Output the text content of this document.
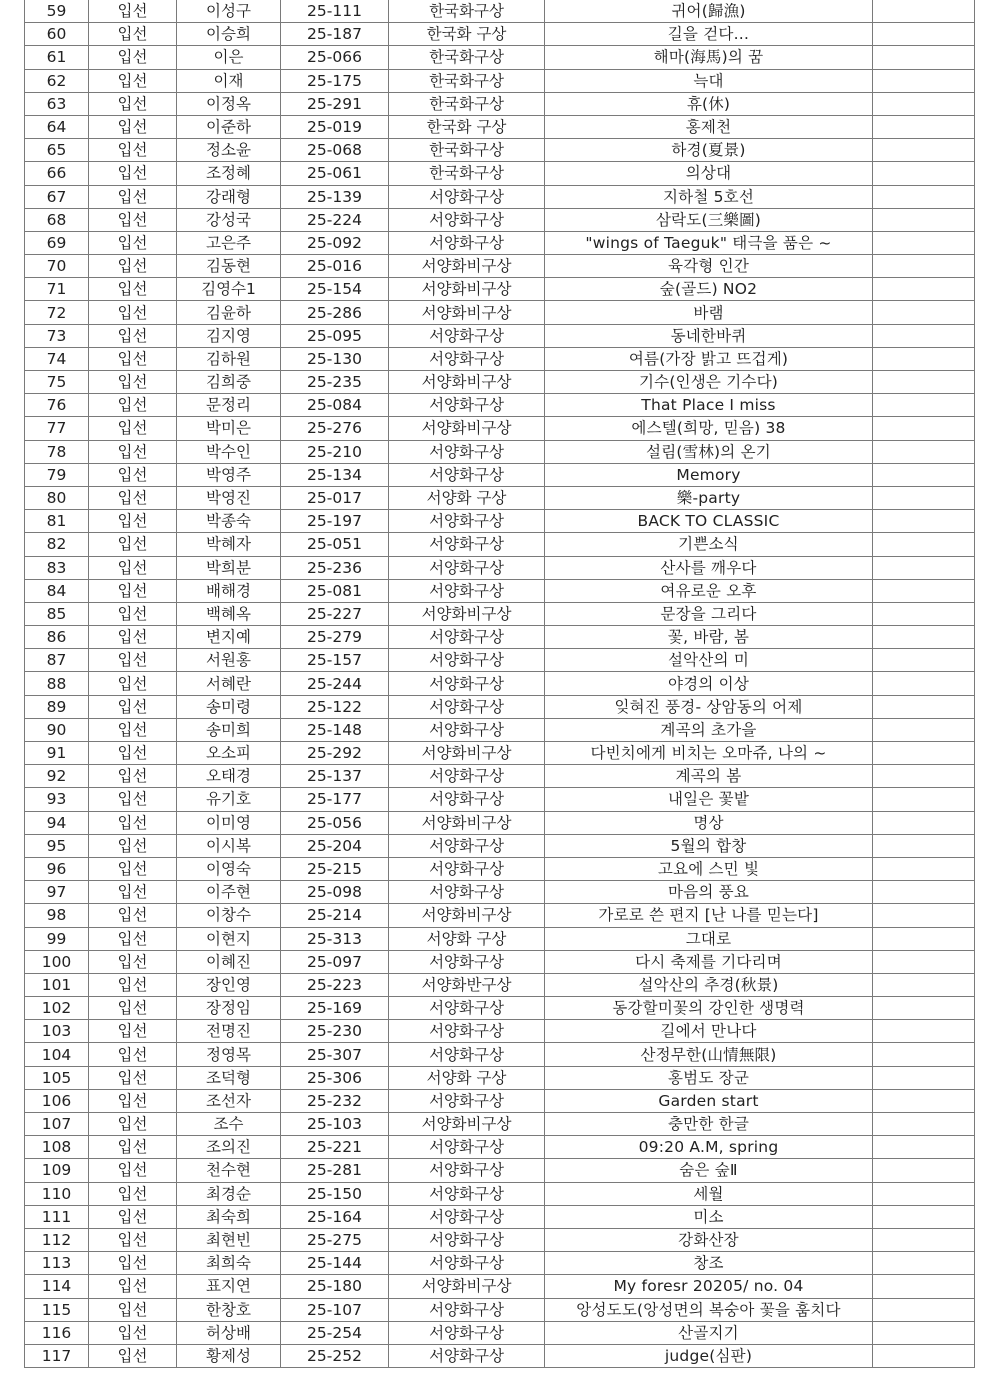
59	입선	이성구	25-111	한국화구상	귀어(歸漁)	
60	입선	이승희	25-187	한국화 구상	길을 걷다…	
61	입선	이은	25-066	한국화구상	해마(海馬)의 꿈	
62	입선	이재	25-175	한국화구상	늑대	
63	입선	이정옥	25-291	한국화구상	휴(休)	
64	입선	이준하	25-019	한국화 구상	홍제천	
65	입선	정소윤	25-068	한국화구상	하경(夏景)	
66	입선	조정혜	25-061	한국화구상	의상대	
67	입선	강래형	25-139	서양화구상	지하철 5호선	
68	입선	강성국	25-224	서양화구상	삼락도(三樂圖)	
69	입선	고은주	25-092	서양화구상	"wings of Taeguk" 태극을 품은 ~	
70	입선	김동현	25-016	서양화비구상	육각형 인간	
71	입선	김영수1	25-154	서양화비구상	숲(골드) NO2	
72	입선	김윤하	25-286	서양화비구상	바램	
73	입선	김지영	25-095	서양화구상	동네한바퀴	
74	입선	김하원	25-130	서양화구상	여름(가장 밝고 뜨겁게)	
75	입선	김희중	25-235	서양화비구상	기수(인생은 기수다)	
76	입선	문정리	25-084	서양화구상	That Place I miss	
77	입선	박미은	25-276	서양화비구상	에스텔(희망, 믿음) 38	
78	입선	박수인	25-210	서양화구상	설림(雪林)의 온기	
79	입선	박영주	25-134	서양화구상	Memory	
80	입선	박영진	25-017	서양화 구상	樂-party	
81	입선	박종숙	25-197	서양화구상	BACK TO CLASSIC	
82	입선	박혜자	25-051	서양화구상	기쁜소식	
83	입선	박희분	25-236	서양화구상	산사를 깨우다	
84	입선	배해경	25-081	서양화구상	여유로운 오후	
85	입선	백혜옥	25-227	서양화비구상	문장을 그리다	
86	입선	변지예	25-279	서양화구상	꽃, 바람, 봄	
87	입선	서원홍	25-157	서양화구상	설악산의 미	
88	입선	서혜란	25-244	서양화구상	야경의 이상	
89	입선	송미령	25-122	서양화구상	잊혀진 풍경- 상암동의 어제	
90	입선	송미희	25-148	서양화구상	계곡의 초가을	
91	입선	오소피	25-292	서양화비구상	다빈치에게 비치는 오마쥬, 나의 ~	
92	입선	오태경	25-137	서양화구상	계곡의 봄	
93	입선	유기호	25-177	서양화구상	내일은 꽃밭	
94	입선	이미영	25-056	서양화비구상	명상	
95	입선	이시복	25-204	서양화구상	5월의 합창	
96	입선	이영숙	25-215	서양화구상	고요에 스민 빛	
97	입선	이주현	25-098	서양화구상	마음의 풍요	
98	입선	이창수	25-214	서양화비구상	가로로 쓴 편지 [난 나를 믿는다]	
99	입선	이현지	25-313	서양화 구상	그대로	
100	입선	이혜진	25-097	서양화구상	다시 축제를 기다리며	
101	입선	장인영	25-223	서양화반구상	설악산의 추경(秋景)	
102	입선	장정임	25-169	서양화구상	동강할미꽃의 강인한 생명력	
103	입선	전명진	25-230	서양화구상	길에서 만나다	
104	입선	정영목	25-307	서양화구상	산정무한(山情無限)	
105	입선	조덕형	25-306	서양화 구상	홍범도 장군	
106	입선	조선자	25-232	서양화구상	Garden start	
107	입선	조수	25-103	서양화비구상	충만한 한글	
108	입선	조의진	25-221	서양화구상	09:20 A.M, spring	
109	입선	천수현	25-281	서양화구상	숨은 숲Ⅱ	
110	입선	최경순	25-150	서양화구상	세월	
111	입선	최숙희	25-164	서양화구상	미소	
112	입선	최현빈	25-275	서양화구상	강화산장	
113	입선	최희숙	25-144	서양화구상	창조	
114	입선	표지연	25-180	서양화비구상	My foresr 20205/ no. 04	
115	입선	한창호	25-107	서양화구상	앙성도도(앙성면의 복숭아 꽃을 훔치다	
116	입선	허상배	25-254	서양화구상	산골지기	
117	입선	황제성	25-252	서양화구상	judge(심판)	
